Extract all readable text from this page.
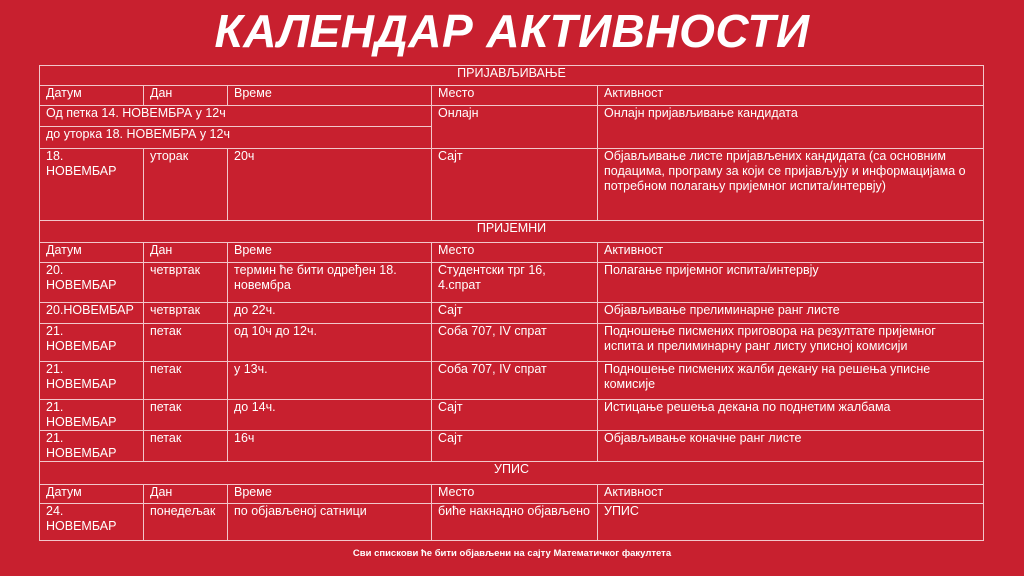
КАЛЕНДАР АКТИВНОСТИ
ПРИЈАВЉИВАЊЕ				
Датум	Дан	Време	Место	Активност
Од петка 14. НОВЕМБРА у 12ч			Онлајн	Онлајн пријављивање кандидата
до уторка 18. НОВЕМБРА у 12ч				
18. НОВЕМБАР	уторак	20ч	Сајт	Објављивање листе пријављених кандидата (са основним подацима, програму за који се пријављују и информацијама о потребном полагању пријемног испита/интервју)
ПРИЈЕМНИ				
Датум	Дан	Време	Место	Активност
20. НОВЕМБАР	четвртак	термин ће бити одређен 18. новембра	Студентски трг 16, 4.спрат	Полагање пријемног испита/интервју
20.НОВЕМБАР	четвртак	до 22ч.	Сајт	Објављивање прелиминарне ранг листе
21. НОВЕМБАР	петак	од 10ч до 12ч.	Соба 707, IV спрат	Подношење писмених приговора на резултате пријемног испита и прелиминарну ранг листу уписној комисији
21. НОВЕМБАР	петак	у 13ч.	Соба 707, IV спрат	Подношење писмених жалби декану на решења уписне комисије
21. НОВЕМБАР	петак	до 14ч.	Сајт	Истицање решења декана по поднетим жалбама
21. НОВЕМБАР	петак	16ч	Сајт	Објављивање коначне ранг листе
УПИС				
Датум	Дан	Време	Место	Активност
24. НОВЕМБАР	понедељак	по објављеној сатници	биће накнадно објављено	УПИС
Сви спискови ће бити објављени на сајту Математичког факултета
